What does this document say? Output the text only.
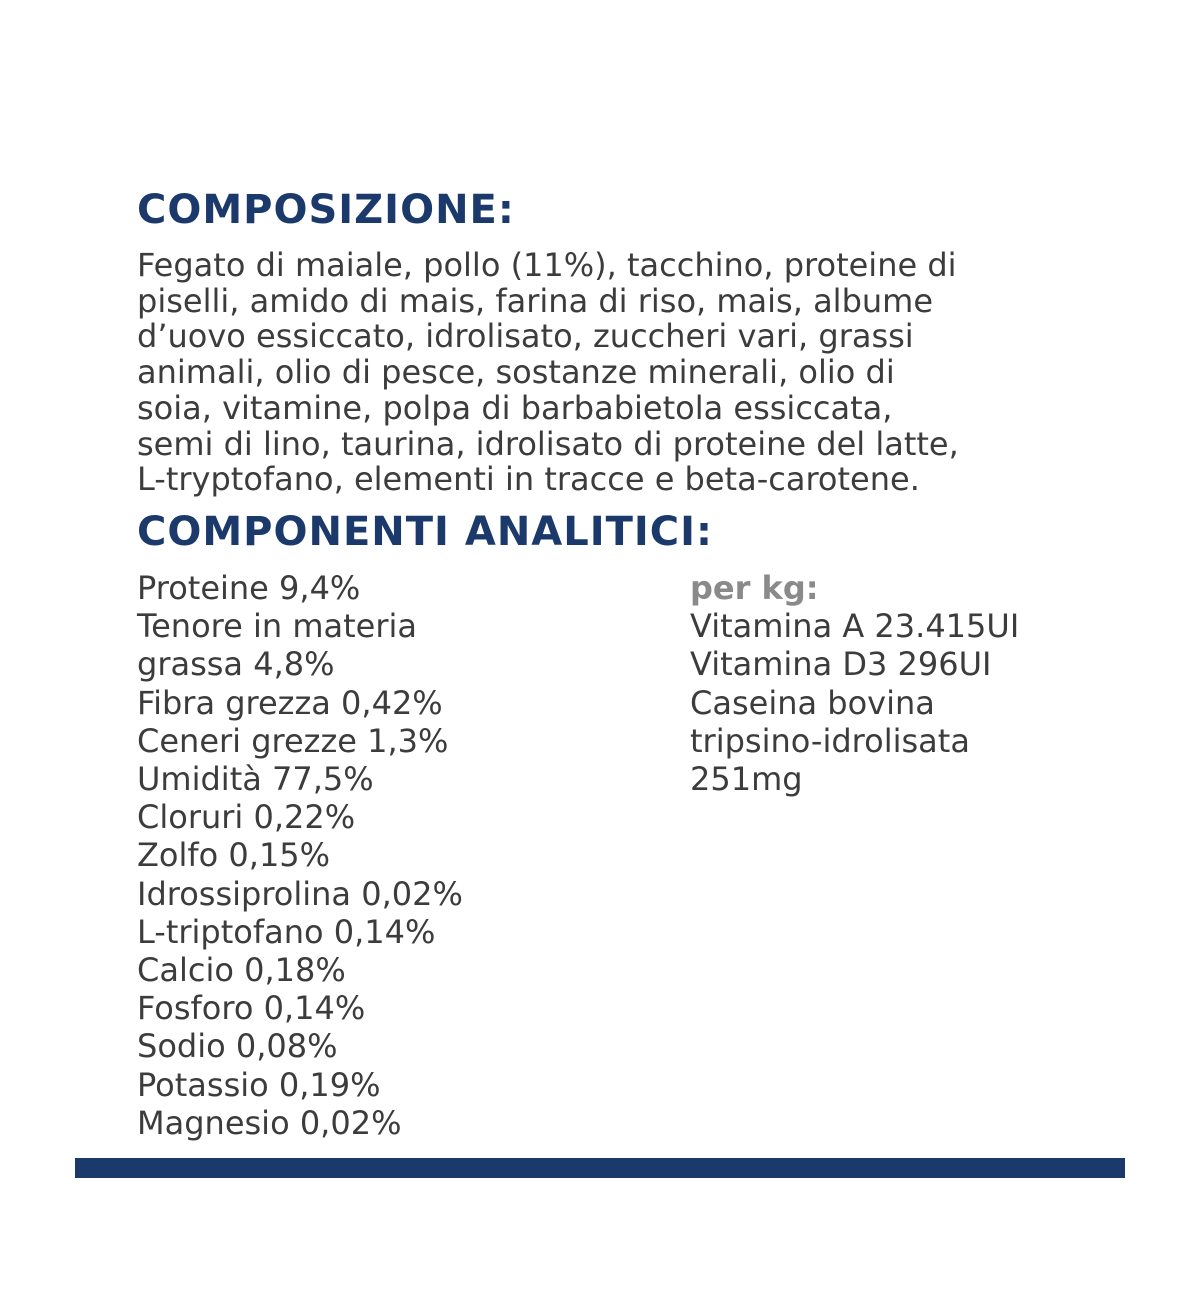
COMPOSIZIONE:

Fegato di maiale, pollo (11%), tacchino, proteine di
piselli, amido di mais, farina di riso, mais, albume
d’uovo essiccato, idrolisato, zuccheri vari, grassi
animali, olio di pesce, sostanze minerali, olio di
soia, vitamine, polpa di barbabietola essiccata,
semi di lino, taurina, idrolisato di proteine del latte,
L-tryptofano, elementi in tracce e beta-carotene.

COMPONENTI ANALITICI:
Proteine 9,4%
Tenore in materia
grassa 4,8%
Fibra grezza 0,42%
Ceneri grezze 1,3%
Umidità 77,5%
Cloruri 0,22%
Zolfo 0,15%
Idrossiprolina 0,02%
L-triptofano 0,14%
Calcio 0,18%
Fosforo 0,14%
Sodio 0,08%
Potassio 0,19%
Magnesio 0,02%
per kg:
Vitamina A 23.415UI
Vitamina D3 296UI
Caseina bovina
tripsino-idrolisata
251mg
